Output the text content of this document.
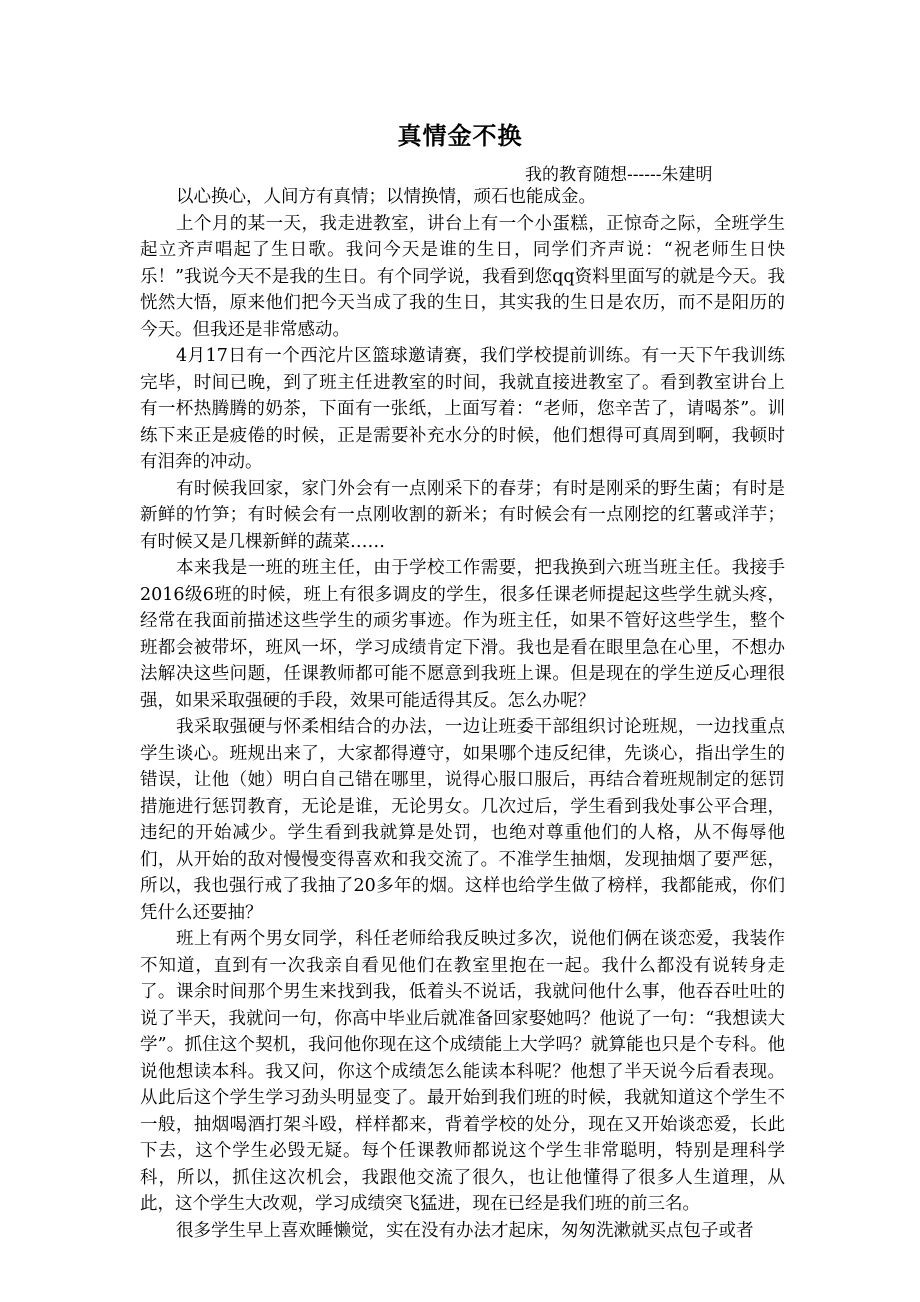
真情金不换
我的教育随想------朱建明

以心换心，人间方有真情；以情换情，顽石也能成金。

上个月的某一天，我走进教室，讲台上有一个小蛋糕，正惊奇之际，全班学生起立齐声唱起了生日歌。我问今天是谁的生日，同学们齐声说：“祝老师生日快乐！”我说今天不是我的生日。有个同学说，我看到您qq资料里面写的就是今天。我恍然大悟，原来他们把今天当成了我的生日，其实我的生日是农历，而不是阳历的今天。但我还是非常感动。

4月17日有一个西沱片区篮球邀请赛，我们学校提前训练。有一天下午我训练完毕，时间已晚，到了班主任进教室的时间，我就直接进教室了。看到教室讲台上有一杯热腾腾的奶茶，下面有一张纸，上面写着：“老师，您辛苦了，请喝茶”。训练下来正是疲倦的时候，正是需要补充水分的时候，他们想得可真周到啊，我顿时有泪奔的冲动。

有时候我回家，家门外会有一点刚采下的春芽；有时是刚采的野生菌；有时是新鲜的竹笋；有时候会有一点刚收割的新米；有时候会有一点刚挖的红薯或洋芋；有时候又是几棵新鲜的蔬菜……

本来我是一班的班主任，由于学校工作需要，把我换到六班当班主任。我接手2016级6班的时候，班上有很多调皮的学生，很多任课老师提起这些学生就头疼，经常在我面前描述这些学生的顽劣事迹。作为班主任，如果不管好这些学生，整个班都会被带坏，班风一坏，学习成绩肯定下滑。我也是看在眼里急在心里，不想办法解决这些问题，任课教师都可能不愿意到我班上课。但是现在的学生逆反心理很强，如果采取强硬的手段，效果可能适得其反。怎么办呢？

我采取强硬与怀柔相结合的办法，一边让班委干部组织讨论班规，一边找重点学生谈心。班规出来了，大家都得遵守，如果哪个违反纪律，先谈心，指出学生的错误，让他（她）明白自己错在哪里，说得心服口服后，再结合着班规制定的惩罚措施进行惩罚教育，无论是谁，无论男女。几次过后，学生看到我处事公平合理，违纪的开始减少。学生看到我就算是处罚，也绝对尊重他们的人格，从不侮辱他们，从开始的敌对慢慢变得喜欢和我交流了。不准学生抽烟，发现抽烟了要严惩，所以，我也强行戒了我抽了20多年的烟。这样也给学生做了榜样，我都能戒，你们凭什么还要抽？

班上有两个男女同学，科任老师给我反映过多次，说他们俩在谈恋爱，我装作不知道，直到有一次我亲自看见他们在教室里抱在一起。我什么都没有说转身走了。课余时间那个男生来找到我，低着头不说话，我就问他什么事，他吞吞吐吐的说了半天，我就问一句，你高中毕业后就准备回家娶她吗？他说了一句：“我想读大学”。抓住这个契机，我问他你现在这个成绩能上大学吗？就算能也只是个专科。他说他想读本科。我又问，你这个成绩怎么能读本科呢？他想了半天说今后看表现。从此后这个学生学习劲头明显变了。最开始到我们班的时候，我就知道这个学生不一般，抽烟喝酒打架斗殴，样样都来，背着学校的处分，现在又开始谈恋爱，长此下去，这个学生必毁无疑。每个任课教师都说这个学生非常聪明，特别是理科学科，所以，抓住这次机会，我跟他交流了很久，也让他懂得了很多人生道理，从此，这个学生大改观，学习成绩突飞猛进，现在已经是我们班的前三名。

很多学生早上喜欢睡懒觉，实在没有办法才起床，匆匆洗漱就买点包子或者
